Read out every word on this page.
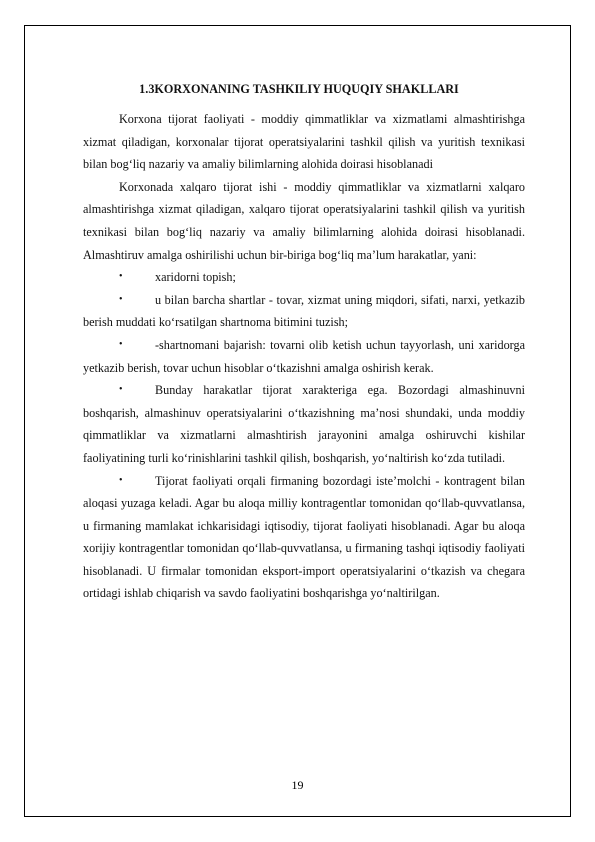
1.3KORXONANING TASHKILIY HUQUQIY SHAKLLARI

Korxona tijorat faoliyati - moddiy qimmatliklar va xizmatlami almashtirishga xizmat qiladigan, korxonalar tijorat operatsiyalarini tashkil qilish va yuritish texnikasi bilan bog‘liq nazariy va amaliy bilimlarning alohida doirasi hisoblanadi

Korxonada xalqaro tijorat ishi - moddiy qimmatliklar va xizmatlarni xalqaro almashtirishga xizmat qiladigan, xalqaro tijorat operatsiyalarini tashkil qilish va yuritish texnikasi bilan bog‘liq nazariy va amaliy bilimlarning alohida doirasi hisoblanadi. Almashtiruv amalga oshirilishi uchun bir-biriga bog‘liq ma’lum harakatlar, yani:

•	xaridorni topish;
•	u bilan barcha shartlar - tovar, xizmat uning miqdori, sifati, narxi, yetkazib berish muddati ko‘rsatilgan shartnoma bitimini tuzish;
•	-shartnomani bajarish: tovarni olib ketish uchun tayyorlash, uni xaridorga yetkazib berish, tovar uchun hisoblar o‘tkazishni amalga oshirish kerak.
•	Bunday harakatlar tijorat xarakteriga ega. Bozordagi almashinuvni boshqarish, almashinuv operatsiyalarini o‘tkazishning ma’nosi shundaki, unda moddiy qimmatliklar va xizmatlarni almashtirish jarayonini amalga oshiruvchi kishilar faoliyatining turli ko‘rinishlarini tashkil qilish, boshqarish, yo‘naltirish ko‘zda tutiladi.
•	Tijorat faoliyati orqali firmaning bozordagi iste’molchi - kontragent bilan aloqasi yuzaga keladi. Agar bu aloqa milliy kontragentlar tomonidan qo‘llab-quvvatlansa, u firmaning mamlakat ichkarisidagi iqtisodiy, tijorat faoliyati hisoblanadi. Agar bu aloqa xorijiy kontragentlar tomonidan qo‘llab-quvvatlansa, u firmaning tashqi iqtisodiy faoliyati hisoblanadi. U firmalar tomonidan eksport-import operatsiyalarini o‘tkazish va chegara ortidagi ishlab chiqarish va savdo faoliyatini boshqarishga yo‘naltirilgan.
19
